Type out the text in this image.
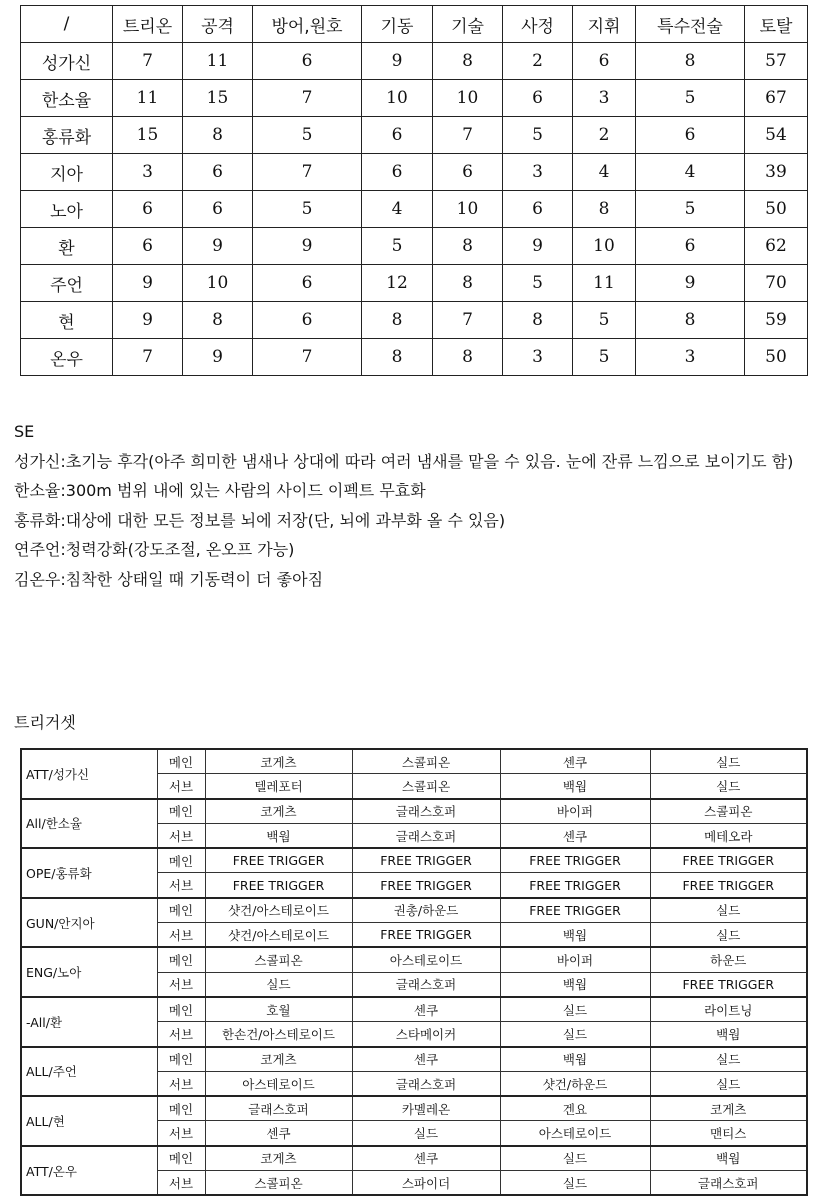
/	트리온	공격	방어,원호	기동	기술	사정	지휘	특수전술	토탈
성가신	7	11	6	9	8	2	6	8	57
한소율	11	15	7	10	10	6	3	5	67
홍류화	15	8	5	6	7	5	2	6	54
지아	3	6	7	6	6	3	4	4	39
노아	6	6	5	4	10	6	8	5	50
환	6	9	9	5	8	9	10	6	62
주언	9	10	6	12	8	5	11	9	70
현	9	8	6	8	7	8	5	8	59
온우	7	9	7	8	8	3	5	3	50
SE
성가신:초기능 후각(아주 희미한 냄새나 상대에 따라 여러 냄새를 맡을 수 있음. 눈에 잔류 느낌으로 보이기도 함)
한소율:300m 범위 내에 있는 사람의 사이드 이펙트 무효화
홍류화:대상에 대한 모든 정보를 뇌에 저장(단, 뇌에 과부화 올 수 있음)
연주언:청력강화(강도조절, 온오프 가능)
김온우:침착한 상태일 때 기동력이 더 좋아짐
트리거셋
ATT/성가신	메인	코게츠	스콜피온	센쿠	실드
	서브	텔레포터	스콜피온	백웜	실드
All/한소율	메인	코게츠	글래스호퍼	바이퍼	스콜피온
	서브	백웜	글래스호퍼	센쿠	메테오라
OPE/홍류화	메인	FREE TRIGGER	FREE TRIGGER	FREE TRIGGER	FREE TRIGGER
	서브	FREE TRIGGER	FREE TRIGGER	FREE TRIGGER	FREE TRIGGER
GUN/안지아	메인	샷건/아스테로이드	권총/하운드	FREE TRIGGER	실드
	서브	샷건/아스테로이드	FREE TRIGGER	백웜	실드
ENG/노아	메인	스콜피온	아스테로이드	바이퍼	하운드
	서브	실드	글래스호퍼	백웜	FREE TRIGGER
-All/환	메인	호월	센쿠	실드	라이트닝
	서브	한손건/아스테로이드	스타메이커	실드	백웜
ALL/주언	메인	코게츠	센쿠	백웜	실드
	서브	아스테로이드	글래스호퍼	샷건/하운드	실드
ALL/현	메인	글래스호퍼	카멜레온	겐요	코게츠
	서브	센쿠	실드	아스테로이드	맨티스
ATT/온우	메인	코게츠	센쿠	실드	백웜
	서브	스콜피온	스파이더	실드	글래스호퍼
